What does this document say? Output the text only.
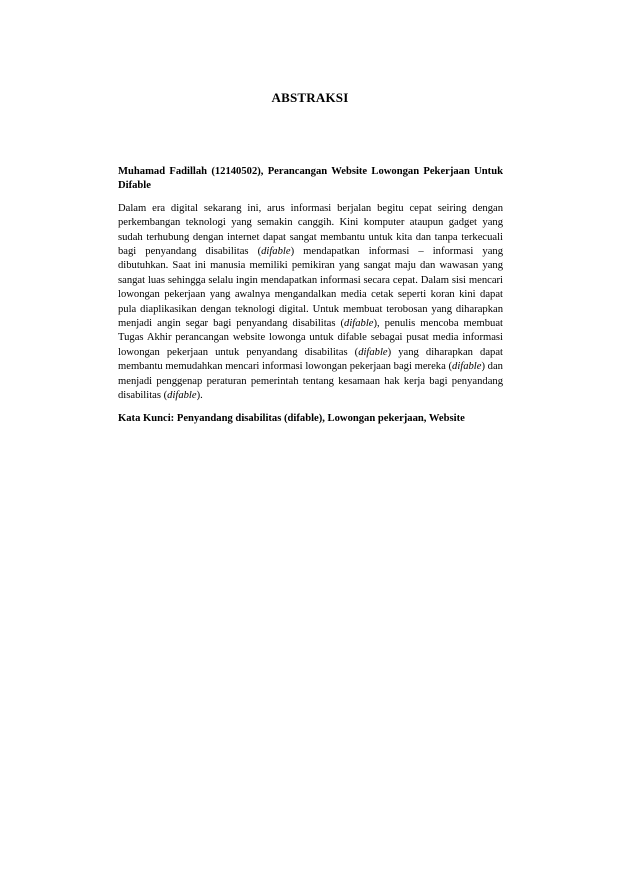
ABSTRAKSI

Muhamad Fadillah (12140502), Perancangan Website Lowongan Pekerjaan Untuk Difable

Dalam era digital sekarang ini, arus informasi berjalan begitu cepat seiring dengan perkembangan teknologi yang semakin canggih. Kini komputer ataupun gadget yang sudah terhubung dengan internet dapat sangat membantu untuk kita dan tanpa terkecuali bagi penyandang disabilitas (difable) mendapatkan informasi – informasi yang dibutuhkan. Saat ini manusia memiliki pemikiran yang sangat maju dan wawasan yang sangat luas sehingga selalu ingin mendapatkan informasi secara cepat. Dalam sisi mencari lowongan pekerjaan yang awalnya mengandalkan media cetak seperti koran kini dapat pula diaplikasikan dengan teknologi digital. Untuk membuat terobosan yang diharapkan menjadi angin segar bagi penyandang disabilitas (difable), penulis mencoba membuat Tugas Akhir perancangan website lowonga untuk difable sebagai pusat media informasi lowongan pekerjaan untuk penyandang disabilitas (difable) yang diharapkan dapat membantu memudahkan mencari informasi lowongan pekerjaan bagi mereka (difable) dan menjadi penggenap peraturan pemerintah tentang kesamaan hak kerja bagi penyandang disabilitas (difable).

Kata Kunci: Penyandang disabilitas (difable), Lowongan pekerjaan, Website
